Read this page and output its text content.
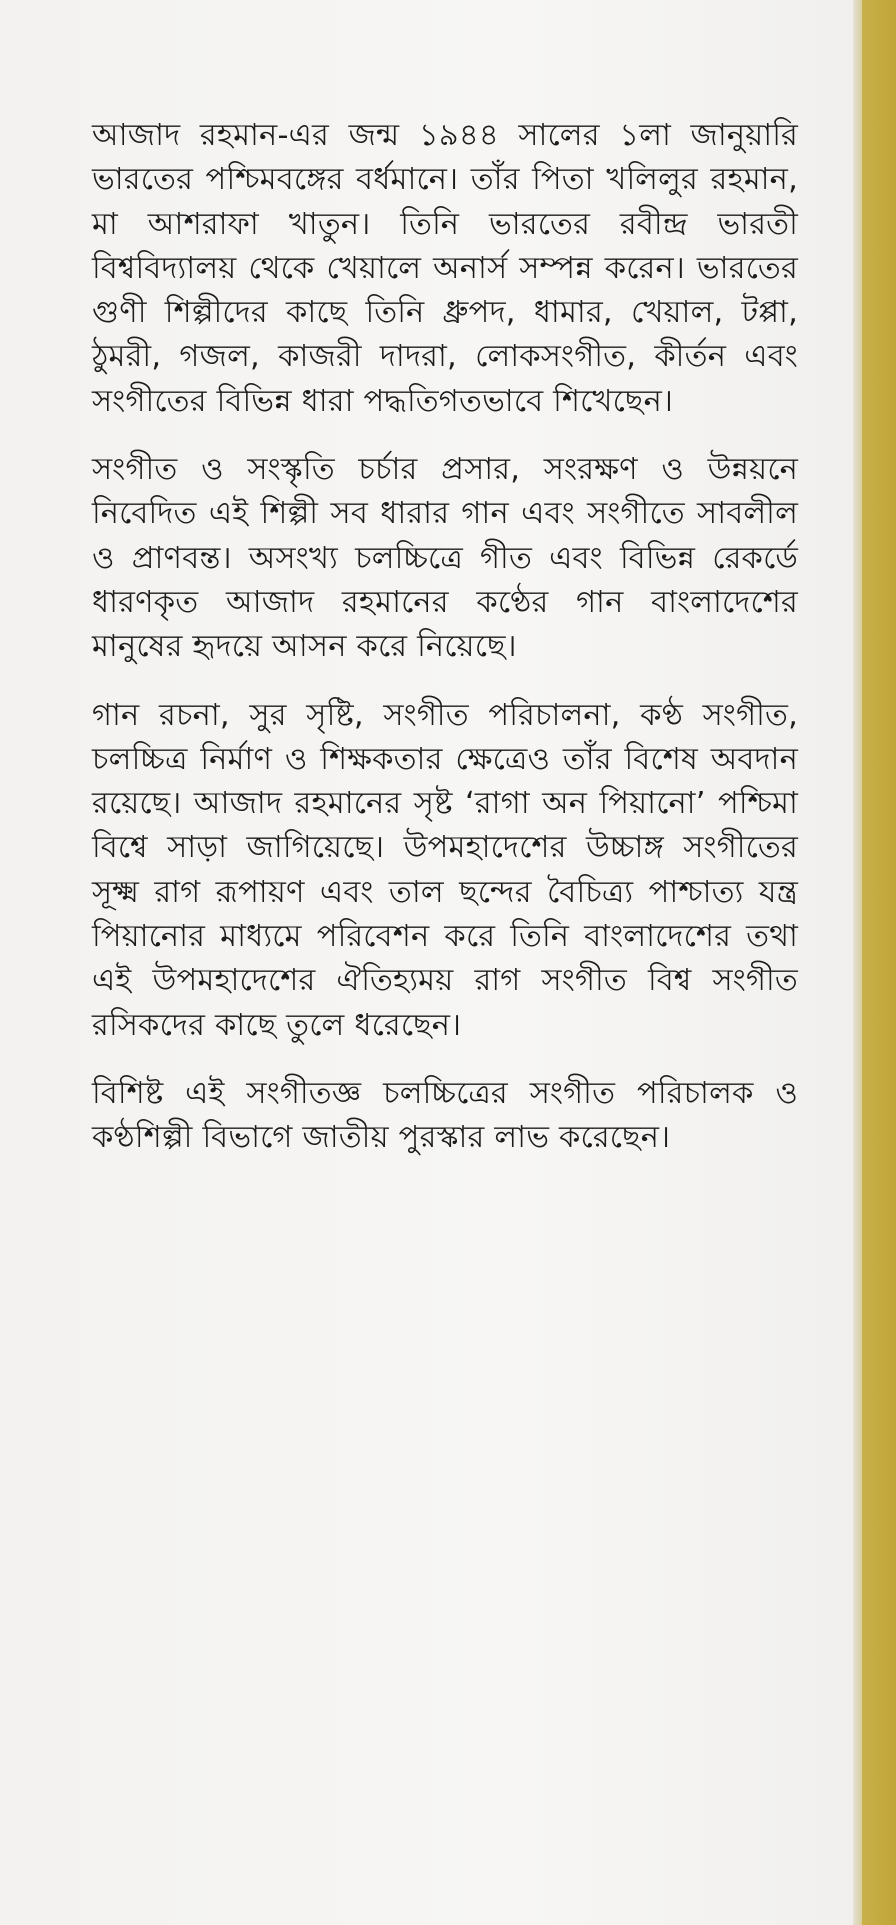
আজাদ রহমান-এর জন্ম ১৯৪৪ সালের ১লা জানুয়ারি ভারতের পশ্চিমবঙ্গের বর্ধমানে। তাঁর পিতা খলিলুর রহমান, মা আশরাফা খাতুন। তিনি ভারতের রবীন্দ্র ভারতী বিশ্ববিদ্যালয় থেকে খেয়ালে অনার্স সম্পন্ন করেন। ভারতের গুণী শিল্পীদের কাছে তিনি ধ্রুপদ, ধামার, খেয়াল, টপ্পা, ঠুমরী, গজল, কাজরী দাদরা, লোকসংগীত, কীর্তন এবং সংগীতের বিভিন্ন ধারা পদ্ধতিগতভাবে শিখেছেন।

সংগীত ও সংস্কৃতি চর্চার প্রসার, সংরক্ষণ ও উন্নয়নে নিবেদিত এই শিল্পী সব ধারার গান এবং সংগীতে সাবলীল ও প্রাণবন্ত। অসংখ্য চলচ্চিত্রে গীত এবং বিভিন্ন রেকর্ডে ধারণকৃত আজাদ রহমানের কণ্ঠের গান বাংলাদেশের মানুষের হৃদয়ে আসন করে নিয়েছে।

গান রচনা, সুর সৃষ্টি, সংগীত পরিচালনা, কণ্ঠ সংগীত, চলচ্চিত্র নির্মাণ ও শিক্ষকতার ক্ষেত্রেও তাঁর বিশেষ অবদান রয়েছে। আজাদ রহমানের সৃষ্ট ‘রাগা অন পিয়ানো’ পশ্চিমা বিশ্বে সাড়া জাগিয়েছে। উপমহাদেশের উচ্চাঙ্গ সংগীতের সূক্ষ্ম রাগ রূপায়ণ এবং তাল ছন্দের বৈচিত্র্য পাশ্চাত্য যন্ত্র পিয়ানোর মাধ্যমে পরিবেশন করে তিনি বাংলাদেশের তথা এই উপমহাদেশের ঐতিহ্যময় রাগ সংগীত বিশ্ব সংগীত রসিকদের কাছে তুলে ধরেছেন।

বিশিষ্ট এই সংগীতজ্ঞ চলচ্চিত্রের সংগীত পরিচালক ও কণ্ঠশিল্পী বিভাগে জাতীয় পুরস্কার লাভ করেছেন।
